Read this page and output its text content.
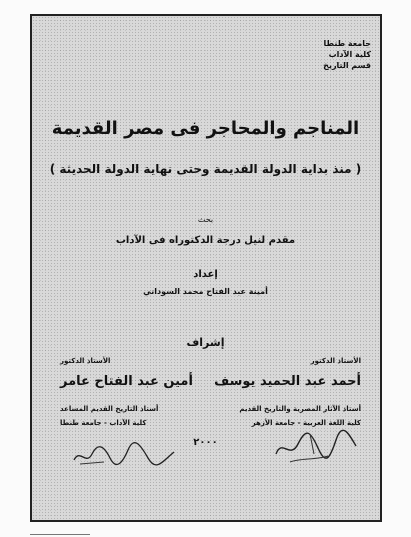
جامعة طنطا
كلية الآداب
قسم التاريخ
المناجم والمحاجر فى مصر القديمة
( منذ بداية الدولة القديمة وحتى نهاية الدولة الحديثة )
بحث
مقدم لنيل درجة الدكتوراه فى الآداب
إعداد
أمينة عبد الفتاح محمد السوداني
إشراف
الأستاذ الدكتور
أحمد عبد الحميد يوسف
أستاذ الآثار المصرية والتاريخ القديم
كلية اللغة العربية - جامعة الأزهر
الأستاذ الدكتور
أمين عبد الفتاح عامر
أستاذ التاريخ القديم المساعد
كلية الآداب - جامعة طنطا
٢٠٠٠
